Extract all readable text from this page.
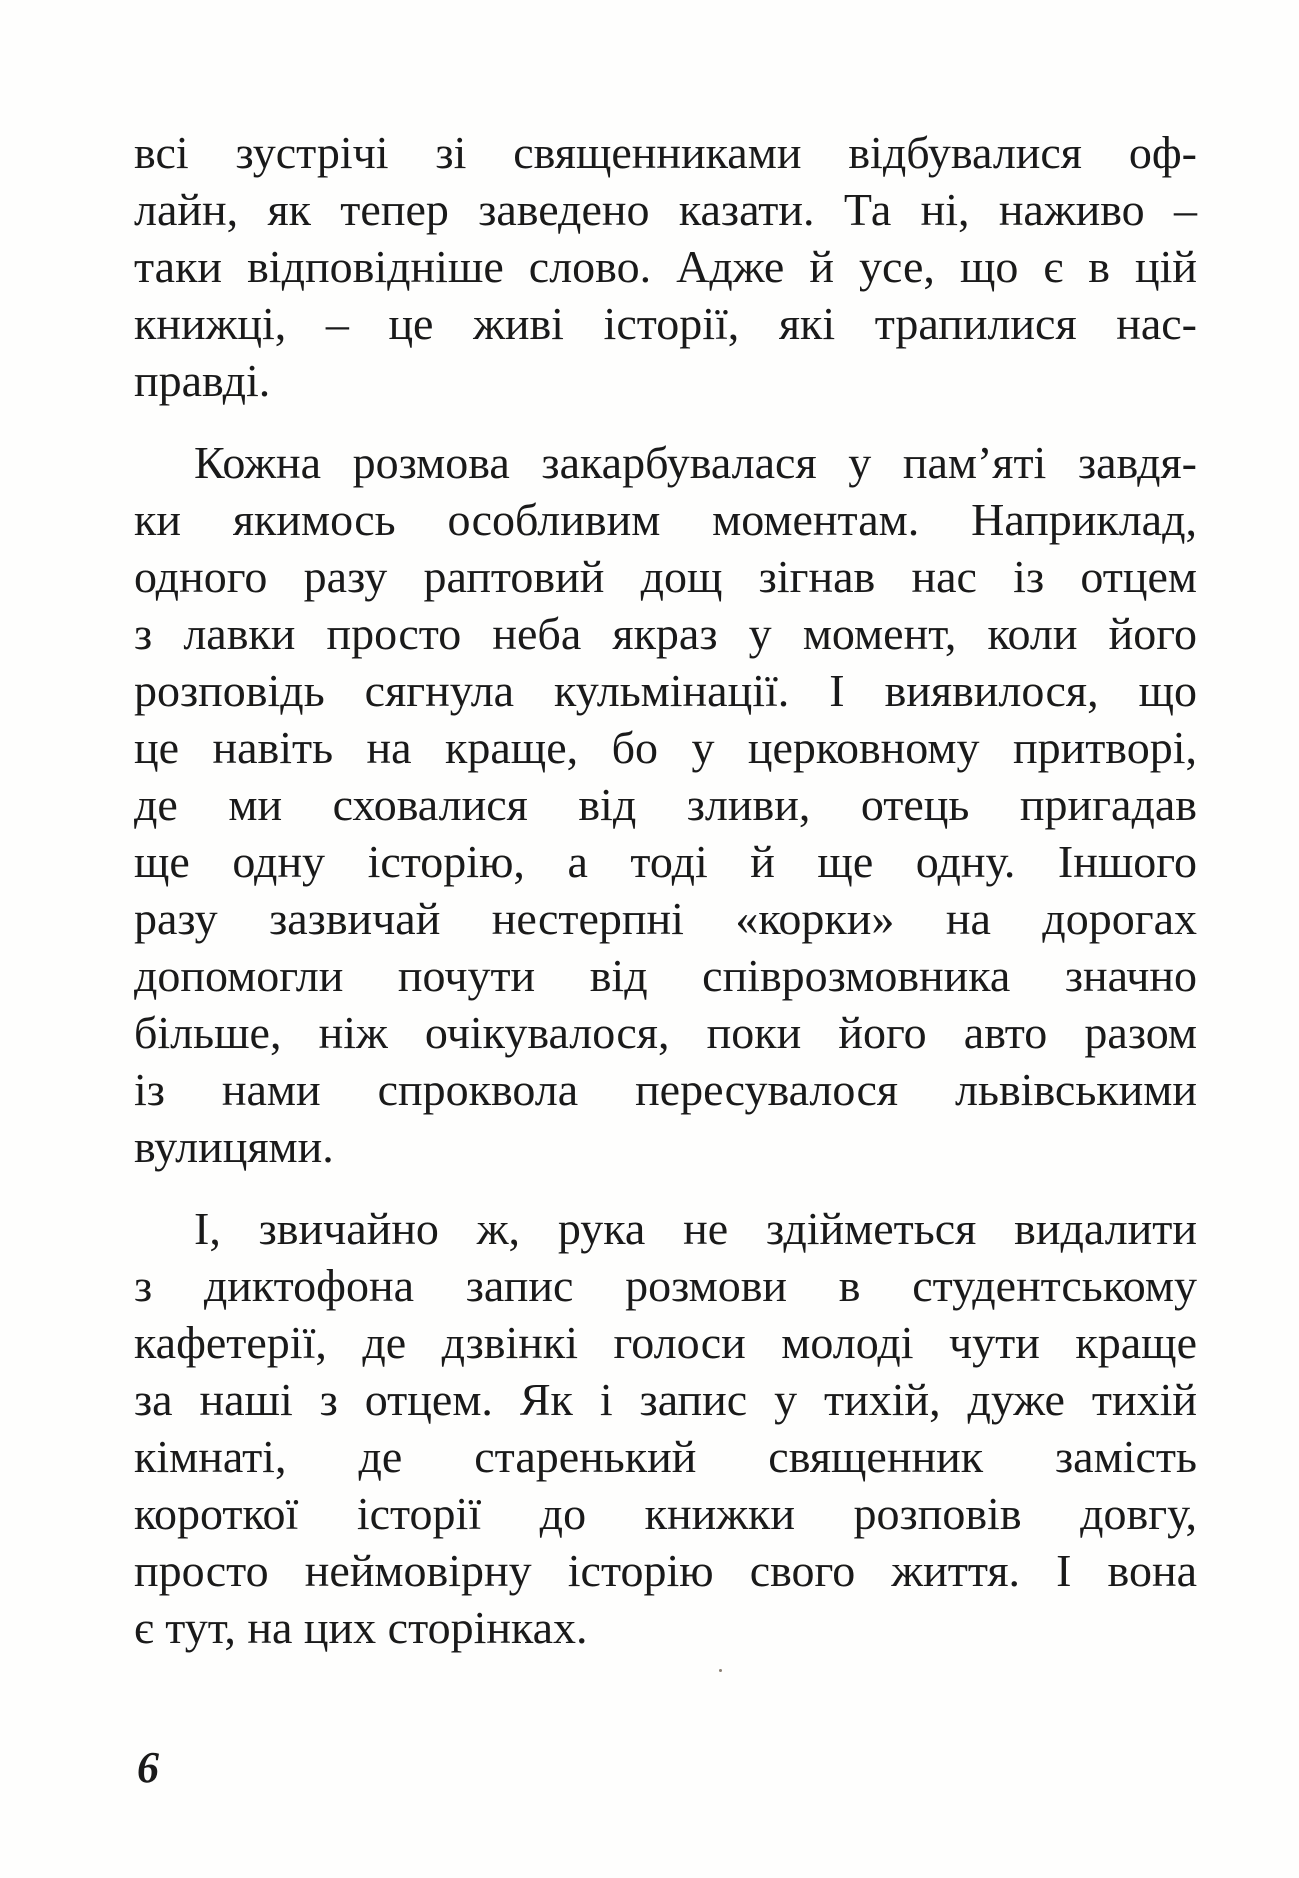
всі зустрічі зі священниками відбувалися оф-
лайн, як тепер заведено казати. Та ні, наживо –
таки відповідніше слово. Адже й усе, що є в цій
книжці, – це живі історії, які трапилися нас-
правді.

Кожна розмова закарбувалася у пам’яті завдя-
ки якимось особливим моментам. Наприклад,
одного разу раптовий дощ зігнав нас із отцем
з лавки просто неба якраз у момент, коли його
розповідь сягнула кульмінації. І виявилося, що
це навіть на краще, бо у церковному притворі,
де ми сховалися від зливи, отець пригадав
ще одну історію, а тоді й ще одну. Іншого
разу зазвичай нестерпні «корки» на дорогах
допомогли почути від співрозмовника значно
більше, ніж очікувалося, поки його авто разом
із нами спроквола пересувалося львівськими
вулицями.

І, звичайно ж, рука не здійметься видалити
з диктофона запис розмови в студентському
кафетерії, де дзвінкі голоси молоді чути краще
за наші з отцем. Як і запис у тихій, дуже тихій
кімнаті, де старенький священник замість
короткої історії до книжки розповів довгу,
просто неймовірну історію свого життя. І вона
є тут, на цих сторінках.

6
